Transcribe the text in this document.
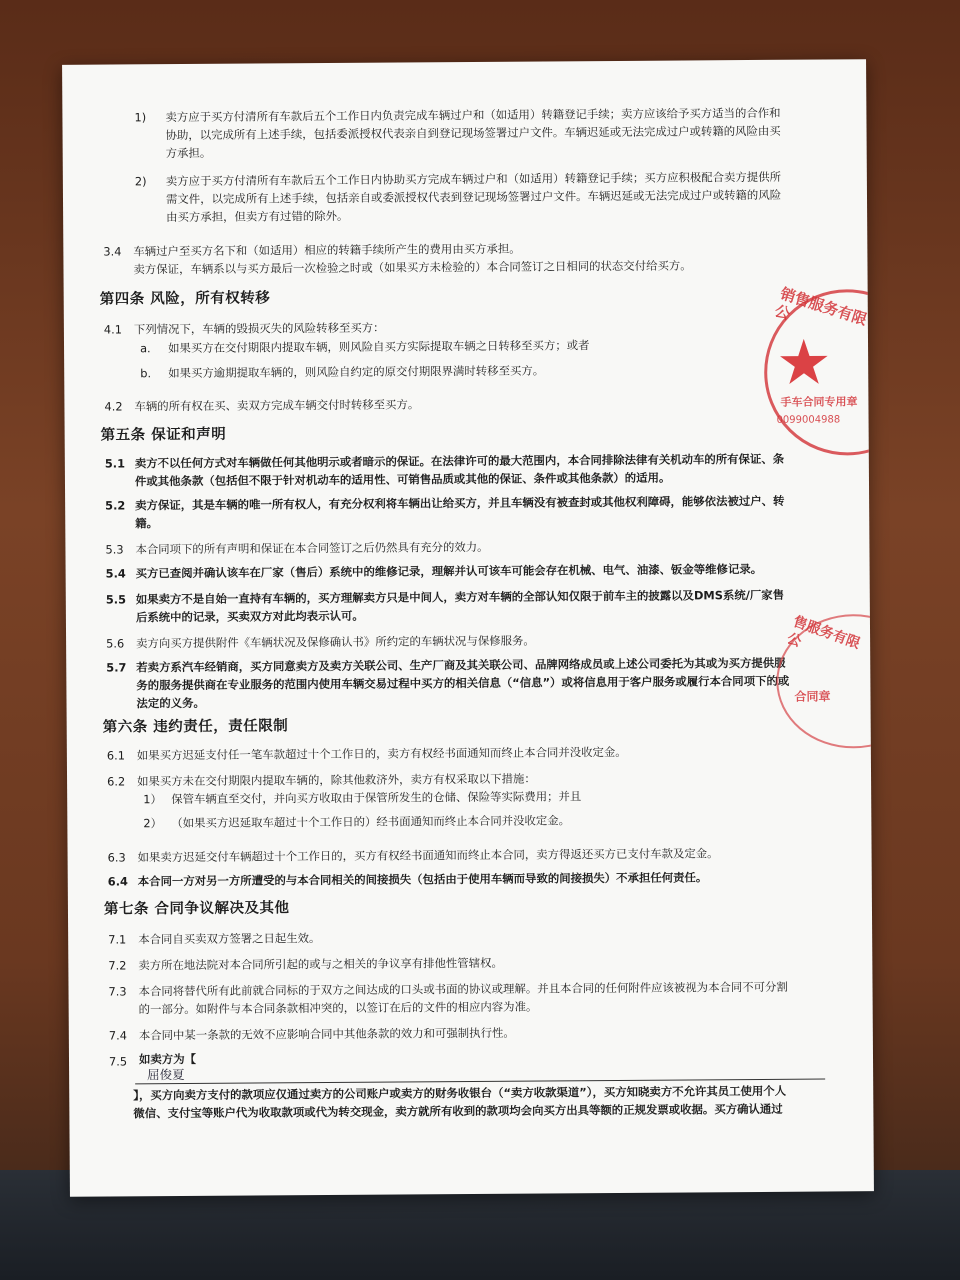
1)	卖方应于买方付清所有车款后五个工作日内负责完成车辆过户和（如适用）转籍登记手续；卖方应该给予买方适当的合作和
协助，以完成所有上述手续，包括委派授权代表亲自到登记现场签署过户文件。车辆迟延或无法完成过户或转籍的风险由买
方承担。
2)	卖方应于买方付清所有车款后五个工作日内协助买方完成车辆过户和（如适用）转籍登记手续；买方应积极配合卖方提供所
需文件，以完成所有上述手续，包括亲自或委派授权代表到登记现场签署过户文件。车辆迟延或无法完成过户或转籍的风险
由买方承担，但卖方有过错的除外。
3.4	车辆过户至买方名下和（如适用）相应的转籍手续所产生的费用由买方承担。
卖方保证，车辆系以与买方最后一次检验之时或（如果买方未检验的）本合同签订之日相同的状态交付给买方。
第四条 风险，所有权转移
4.1	下列情况下，车辆的毁损灭失的风险转移至买方：
a.	如果买方在交付期限内提取车辆，则风险自买方实际提取车辆之日转移至买方；或者
b.	如果买方逾期提取车辆的，则风险自约定的原交付期限界满时转移至买方。
4.2	车辆的所有权在买、卖双方完成车辆交付时转移至买方。
第五条 保证和声明
5.1 卖方不以任何方式对车辆做任何其他明示或者暗示的保证。在法律许可的最大范围内，本合同排除法律有关机动车的所有保证、条
件或其他条款（包括但不限于针对机动车的适用性、可销售品质或其他的保证、条件或其他条款）的适用。
5.2 卖方保证，其是车辆的唯一所有权人，有充分权利将车辆出让给买方，并且车辆没有被查封或其他权利障碍，能够依法被过户、转
籍。
5.3	本合同项下的所有声明和保证在本合同签订之后仍然具有充分的效力。
5.4 买方已查阅并确认该车在厂家（售后）系统中的维修记录，理解并认可该车可能会存在机械、电气、油漆、钣金等维修记录。
5.5 如果卖方不是自始一直持有车辆的，买方理解卖方只是中间人，卖方对车辆的全部认知仅限于前车主的披露以及DMS系统/厂家售
后系统中的记录，买卖双方对此均表示认可。
5.6	卖方向买方提供附件《车辆状况及保修确认书》所约定的车辆状况与保修服务。
5.7 若卖方系汽车经销商，买方同意卖方及卖方关联公司、生产厂商及其关联公司、品牌网络成员或上述公司委托为其或为买方提供服
务的服务提供商在专业服务的范围内使用车辆交易过程中买方的相关信息（“信息”）或将信息用于客户服务或履行本合同项下的或
法定的义务。
第六条 违约责任，责任限制
6.1	如果买方迟延支付任一笔车款超过十个工作日的，卖方有权经书面通知而终止本合同并没收定金。
6.2	如果买方未在交付期限内提取车辆的，除其他救济外，卖方有权采取以下措施：
1） 保管车辆直至交付，并向买方收取由于保管所发生的仓储、保险等实际费用；并且
2） （如果买方迟延取车超过十个工作日的）经书面通知而终止本合同并没收定金。
6.3	如果卖方迟延交付车辆超过十个工作日的，买方有权经书面通知而终止本合同，卖方得返还买方已支付车款及定金。
6.4 本合同一方对另一方所遭受的与本合同相关的间接损失（包括由于使用车辆而导致的间接损失）不承担任何责任。
第七条 合同争议解决及其他
7.1	本合同自买卖双方签署之日起生效。
7.2	卖方所在地法院对本合同所引起的或与之相关的争议享有排他性管辖权。
7.3	本合同将替代所有此前就合同标的于双方之间达成的口头或书面的协议或理解。并且本合同的任何附件应该被视为本合同不可分割
的一部分。如附件与本合同条款相冲突的，以签订在后的文件的相应内容为准。
7.4	本合同中某一条款的无效不应影响合同中其他条款的效力和可强制执行性。
7.5	如卖方为【
屈俊夏
】，买方向卖方支付的款项应仅通过卖方的公司账户或卖方的财务收银台（“卖方收款渠道”），买方知晓卖方不允许其员工使用个人
微信、支付宝等账户代为收取款项或代为转交现金，卖方就所有收到的款项均会向买方出具等额的正规发票或收据。买方确认通过
销售服务有限公
★
手车合同专用章
0099004988
售服务有限公
合同章
